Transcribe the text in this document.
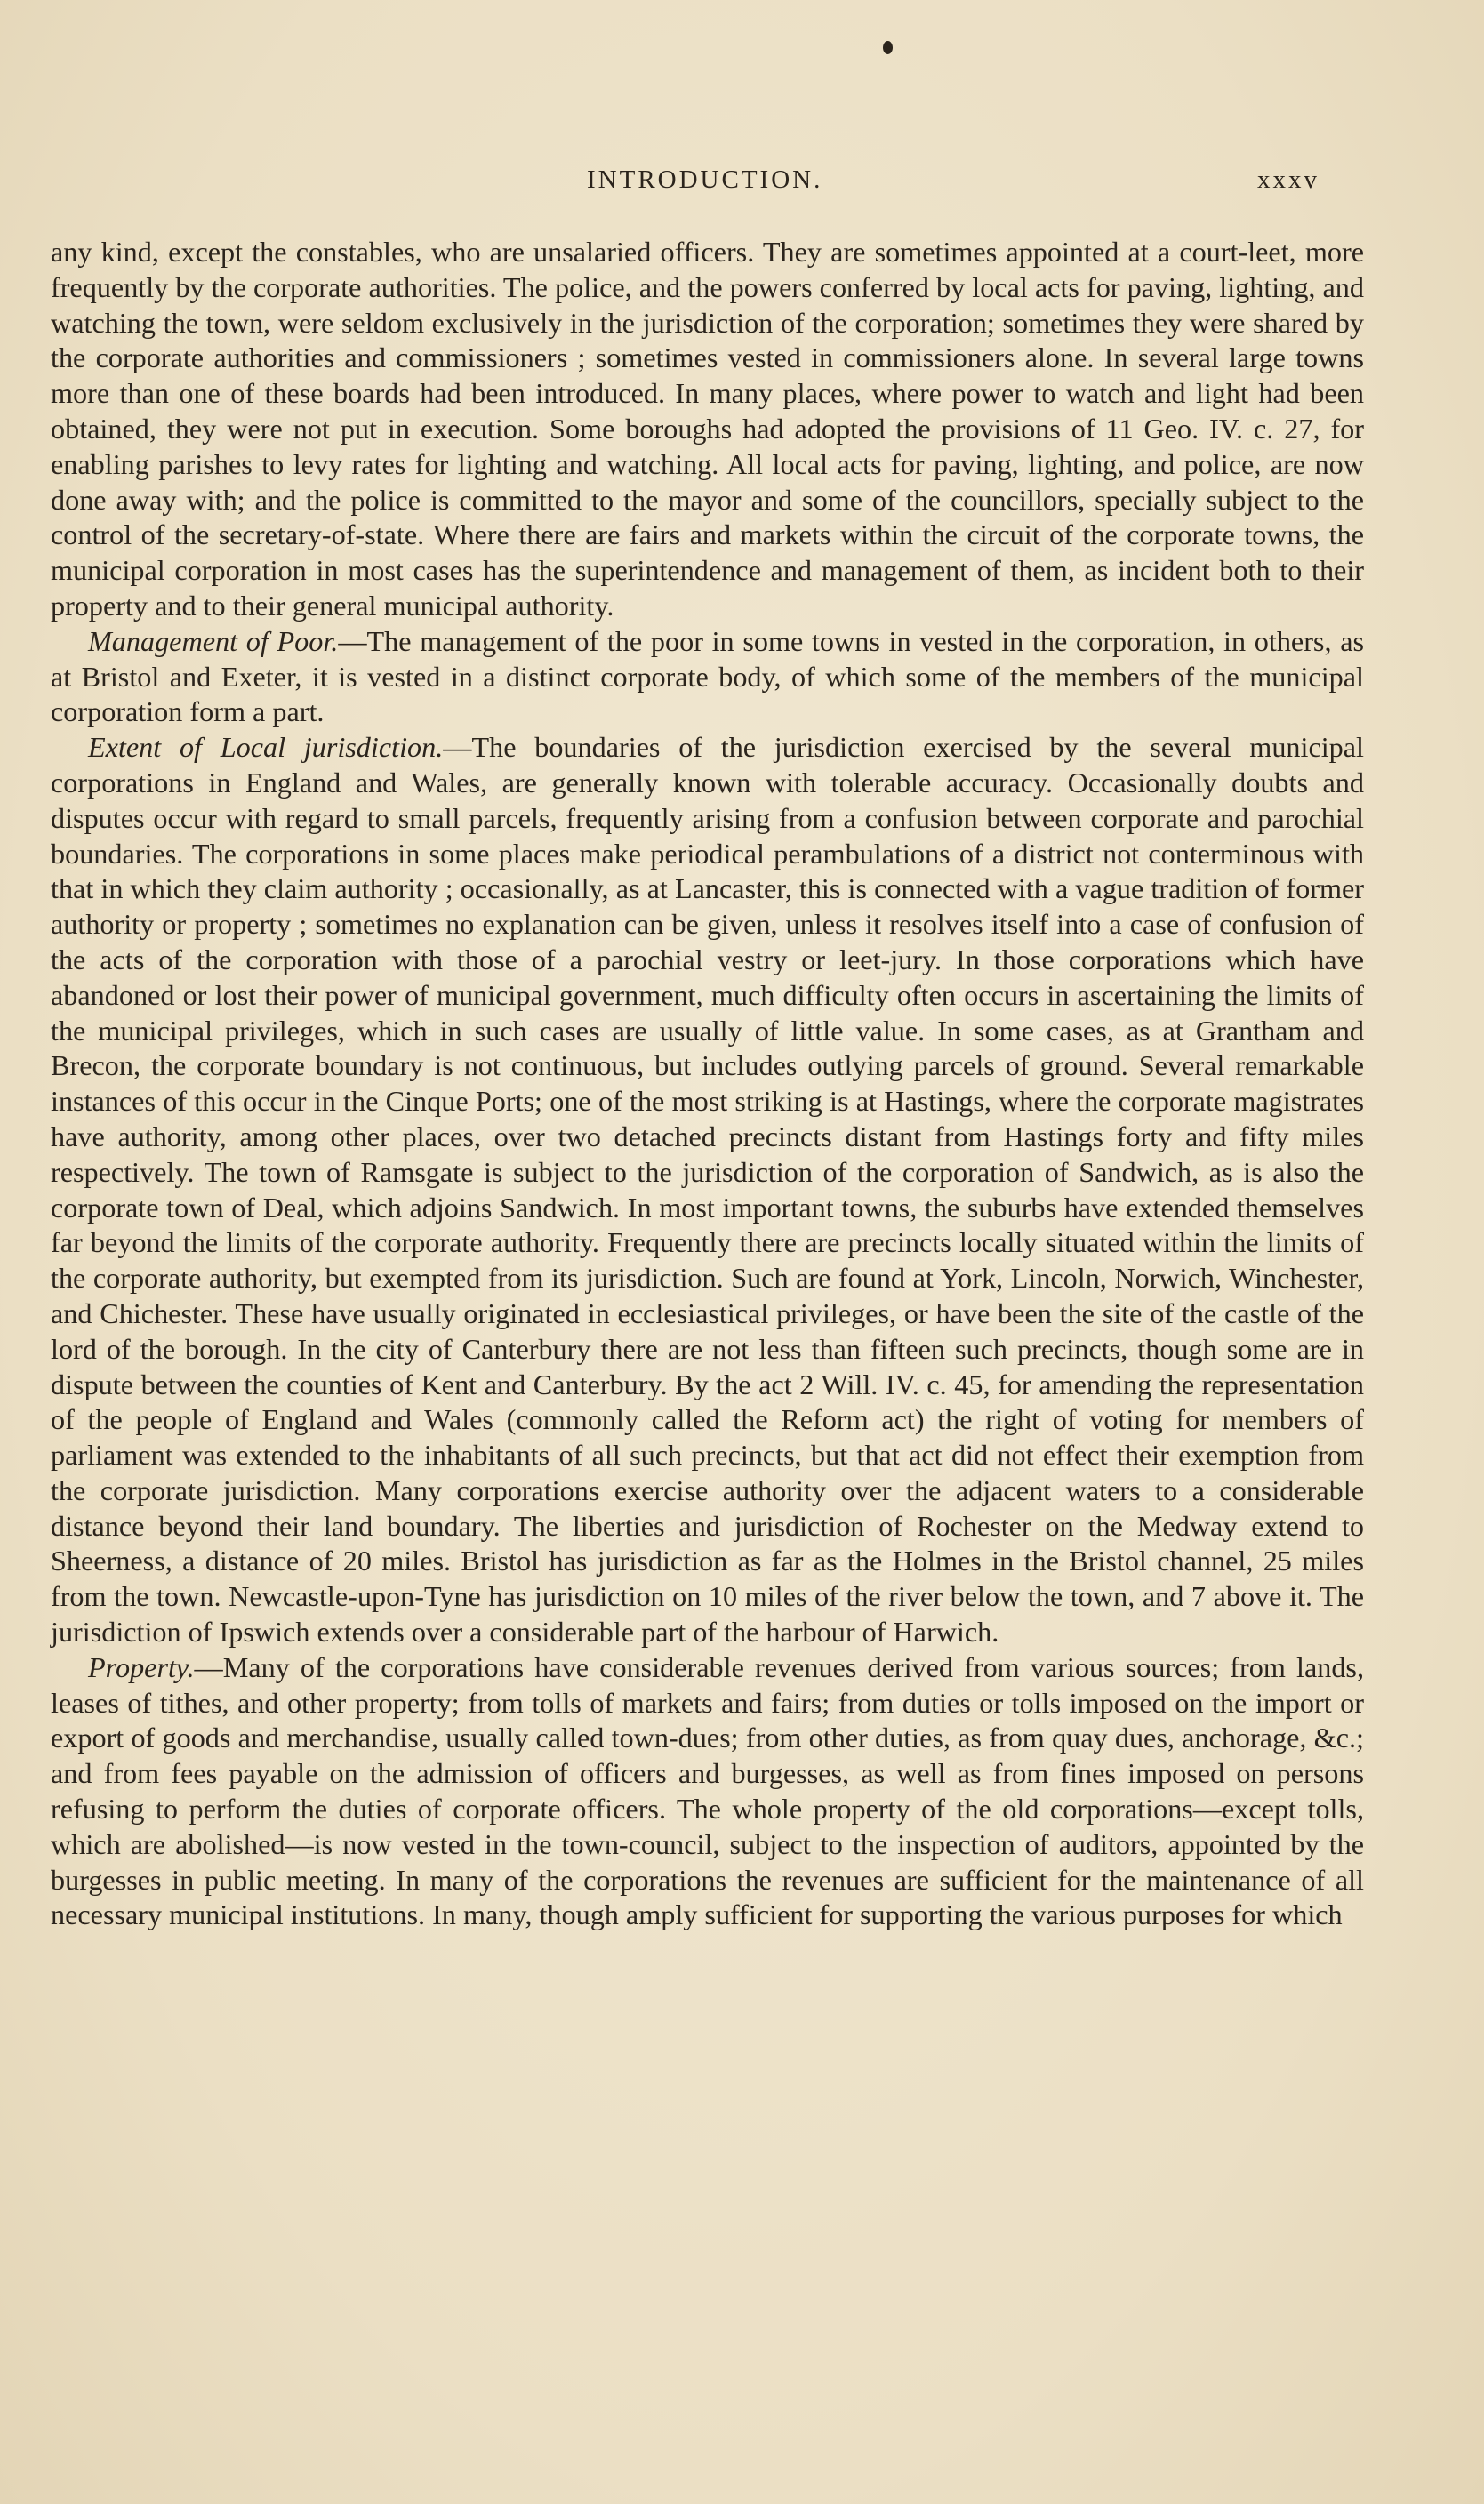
INTRODUCTION.	xxxv

any kind, except the constables, who are unsalaried officers. They are sometimes appointed at a court-leet, more frequently by the corporate authorities. The police, and the powers conferred by local acts for paving, lighting, and watching the town, were seldom exclusively in the jurisdiction of the corporation; sometimes they were shared by the corporate authorities and commissioners ; sometimes vested in commissioners alone. In several large towns more than one of these boards had been introduced. In many places, where power to watch and light had been obtained, they were not put in execution. Some boroughs had adopted the provisions of 11 Geo. IV. c. 27, for enabling parishes to levy rates for lighting and watching. All local acts for paving, lighting, and police, are now done away with; and the police is committed to the mayor and some of the councillors, specially subject to the control of the secretary-of-state. Where there are fairs and markets within the circuit of the corporate towns, the municipal corporation in most cases has the superintendence and management of them, as incident both to their property and to their general municipal authority.

Management of Poor.—The management of the poor in some towns in vested in the corporation, in others, as at Bristol and Exeter, it is vested in a distinct corporate body, of which some of the members of the municipal corporation form a part.

Extent of Local jurisdiction.—The boundaries of the jurisdiction exercised by the several municipal corporations in England and Wales, are generally known with tolerable accuracy. Occasionally doubts and disputes occur with regard to small parcels, frequently arising from a confusion between corporate and parochial boundaries. The corporations in some places make periodical perambulations of a district not conterminous with that in which they claim authority ; occasionally, as at Lancaster, this is connected with a vague tradition of former authority or property ; sometimes no explanation can be given, unless it resolves itself into a case of confusion of the acts of the corporation with those of a parochial vestry or leet-jury. In those corporations which have abandoned or lost their power of municipal government, much difficulty often occurs in ascertaining the limits of the municipal privileges, which in such cases are usually of little value. In some cases, as at Grantham and Brecon, the corporate boundary is not continuous, but includes outlying parcels of ground. Several remarkable instances of this occur in the Cinque Ports; one of the most striking is at Hastings, where the corporate magistrates have authority, among other places, over two detached precincts distant from Hastings forty and fifty miles respectively. The town of Ramsgate is subject to the jurisdiction of the corporation of Sandwich, as is also the corporate town of Deal, which adjoins Sandwich. In most important towns, the suburbs have extended themselves far beyond the limits of the corporate authority. Frequently there are precincts locally situated within the limits of the corporate authority, but exempted from its jurisdiction. Such are found at York, Lincoln, Norwich, Winchester, and Chichester. These have usually originated in ecclesiastical privileges, or have been the site of the castle of the lord of the borough. In the city of Canterbury there are not less than fifteen such precincts, though some are in dispute between the counties of Kent and Canterbury. By the act 2 Will. IV. c. 45, for amending the representation of the people of England and Wales (commonly called the Reform act) the right of voting for members of parliament was extended to the inhabitants of all such precincts, but that act did not effect their exemption from the corporate jurisdiction. Many corporations exercise authority over the adjacent waters to a considerable distance beyond their land boundary. The liberties and jurisdiction of Rochester on the Medway extend to Sheerness, a distance of 20 miles. Bristol has jurisdiction as far as the Holmes in the Bristol channel, 25 miles from the town. Newcastle-upon-Tyne has jurisdiction on 10 miles of the river below the town, and 7 above it. The jurisdiction of Ipswich extends over a considerable part of the harbour of Harwich.

Property.—Many of the corporations have considerable revenues derived from various sources; from lands, leases of tithes, and other property; from tolls of markets and fairs; from duties or tolls imposed on the import or export of goods and merchandise, usually called town-dues; from other duties, as from quay dues, anchorage, &c.; and from fees payable on the admission of officers and burgesses, as well as from fines imposed on persons refusing to perform the duties of corporate officers. The whole property of the old corporations—except tolls, which are abolished—is now vested in the town-council, subject to the inspection of auditors, appointed by the burgesses in public meeting. In many of the corporations the revenues are sufficient for the maintenance of all necessary municipal institutions. In many, though amply sufficient for supporting the various purposes for which
